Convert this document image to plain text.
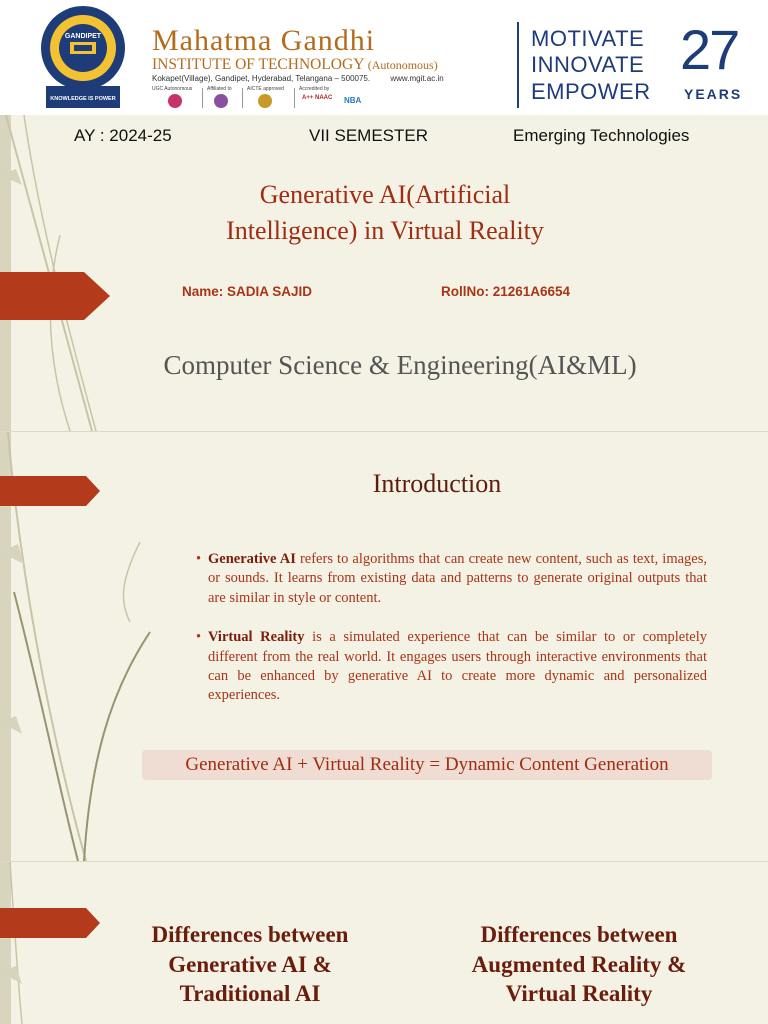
GANDIPET
KNOWLEDGE IS POWER
Mahatma Gandhi
INSTITUTE OF TECHNOLOGY (Autonomous)
Kokapet(Village), Gandipet, Hyderabad, Telangana – 500075.	www.mgit.ac.in
UGC Autonomous	Affiliated to	AICTE approved	Accredited by
A++ NAAC NBA
MOTIVATE
INNOVATE
EMPOWER
27
YEARS
AY : 2024-25	VII SEMESTER	Emerging Technologies
Generative AI(Artificial
Intelligence) in Virtual Reality
Name: SADIA SAJID	RollNo: 21261A6654
Computer Science & Engineering(AI&ML)
Introduction
• Generative AI refers to algorithms that can create new content, such as text, images, or sounds. It learns from existing data and patterns to generate original outputs that are similar in style or content.
• Virtual Reality is a simulated experience that can be similar to or completely different from the real world. It engages users through interactive environments that can be enhanced by generative AI to create more dynamic and personalized experiences.
Generative AI + Virtual Reality = Dynamic Content Generation
Differences between
Generative AI &
Traditional AI
Differences between
Augmented Reality &
Virtual Reality
